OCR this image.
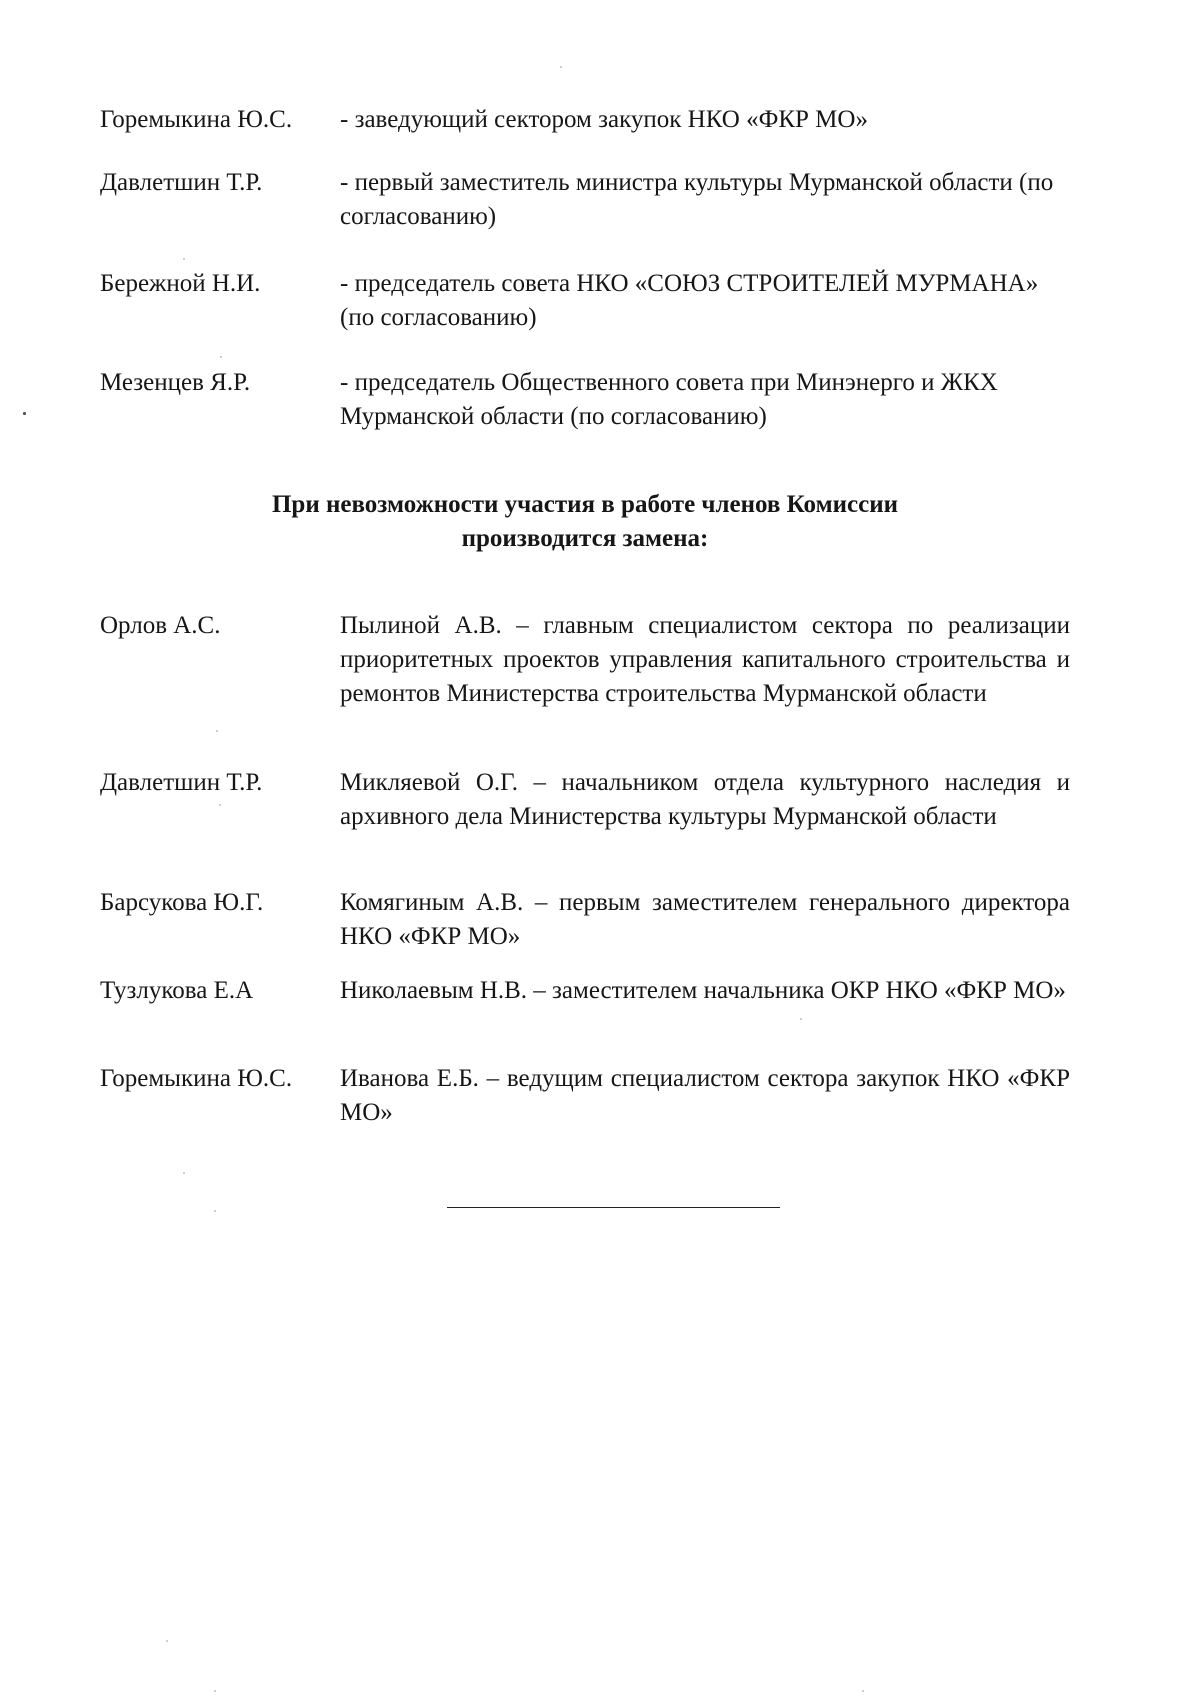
Горемыкина Ю.С.	- заведующий сектором закупок НКО «ФКР МО»
Давлетшин Т.Р.	- первый заместитель министра культуры Мурманской области (по согласованию)
Бережной Н.И.	- председатель совета НКО «СОЮЗ СТРОИТЕЛЕЙ МУРМАНА» (по согласованию)
Мезенцев Я.Р.	- председатель Общественного совета при Минэнерго и ЖКХ Мурманской области (по согласованию)
При невозможности участия в работе членов Комиссии
производится замена:
Орлов А.С.	Пылиной А.В. – главным специалистом сектора по реализации приоритетных проектов управления капитального строительства и ремонтов Министерства строительства Мурманской области
Давлетшин Т.Р.	Микляевой О.Г. – начальником отдела культурного наследия и архивного дела Министерства культуры Мурманской области
Барсукова Ю.Г.	Комягиным А.В. – первым заместителем генерального директора НКО «ФКР МО»
Тузлукова Е.А	Николаевым Н.В. – заместителем начальника ОКР НКО «ФКР МО»
Горемыкина Ю.С.	Иванова Е.Б. – ведущим специалистом сектора закупок НКО «ФКР МО»
